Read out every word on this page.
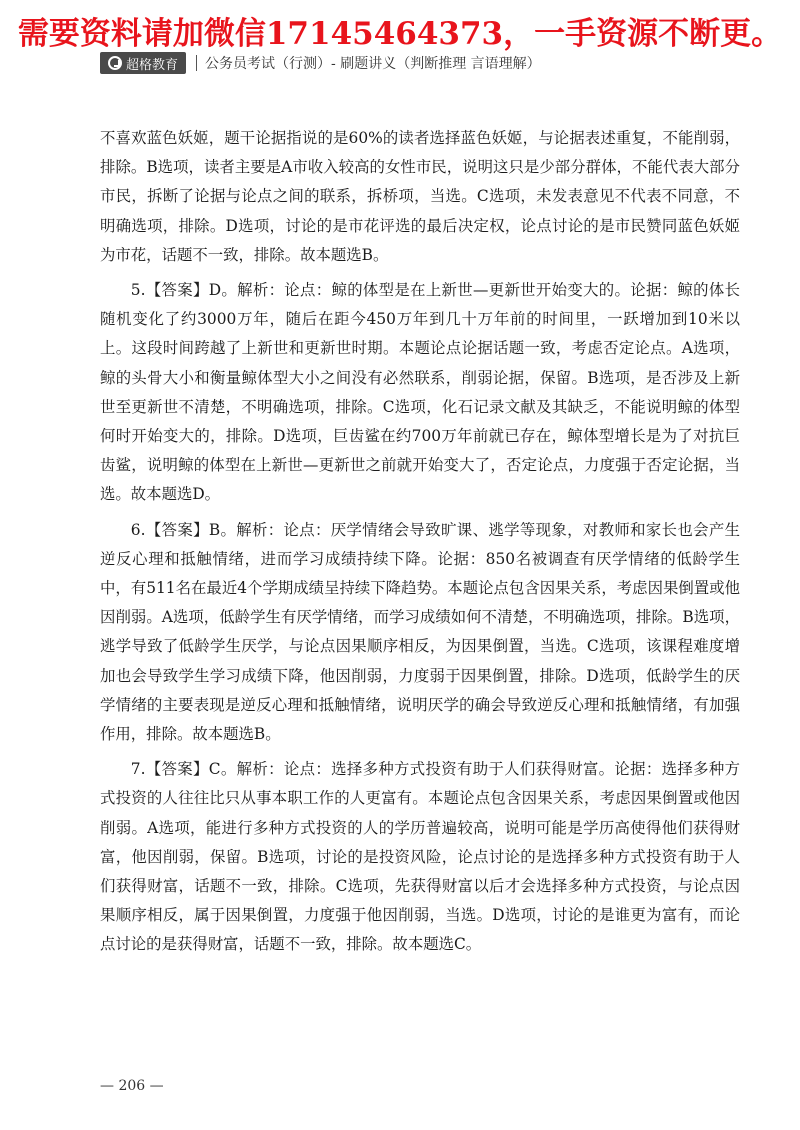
需要资料请加微信17145464373，一手资源不断更。
超格教育 公务员考试（行测）- 刷题讲义（判断推理 言语理解）

不喜欢蓝色妖姬，题干论据指说的是60%的读者选择蓝色妖姬，与论据表述重复，不能削弱，排除。B选项，读者主要是A市收入较高的女性市民，说明这只是少部分群体，不能代表大部分市民，拆断了论据与论点之间的联系，拆桥项，当选。C选项，未发表意见不代表不同意，不明确选项，排除。D选项，讨论的是市花评选的最后决定权，论点讨论的是市民赞同蓝色妖姬为市花，话题不一致，排除。故本题选B。

5.【答案】D。解析：论点：鲸的体型是在上新世—更新世开始变大的。论据：鲸的体长随机变化了约3000万年，随后在距今450万年到几十万年前的时间里，一跃增加到10米以上。这段时间跨越了上新世和更新世时期。本题论点论据话题一致，考虑否定论点。A选项，鲸的头骨大小和衡量鲸体型大小之间没有必然联系，削弱论据，保留。B选项，是否涉及上新世至更新世不清楚，不明确选项，排除。C选项，化石记录文献及其缺乏，不能说明鲸的体型何时开始变大的，排除。D选项，巨齿鲨在约700万年前就已存在，鲸体型增长是为了对抗巨齿鲨，说明鲸的体型在上新世—更新世之前就开始变大了，否定论点，力度强于否定论据，当选。故本题选D。

6.【答案】B。解析：论点：厌学情绪会导致旷课、逃学等现象，对教师和家长也会产生逆反心理和抵触情绪，进而学习成绩持续下降。论据：850名被调查有厌学情绪的低龄学生中，有511名在最近4个学期成绩呈持续下降趋势。本题论点包含因果关系，考虑因果倒置或他因削弱。A选项，低龄学生有厌学情绪，而学习成绩如何不清楚，不明确选项，排除。B选项，逃学导致了低龄学生厌学，与论点因果顺序相反，为因果倒置，当选。C选项，该课程难度增加也会导致学生学习成绩下降，他因削弱，力度弱于因果倒置，排除。D选项，低龄学生的厌学情绪的主要表现是逆反心理和抵触情绪，说明厌学的确会导致逆反心理和抵触情绪，有加强作用，排除。故本题选B。

7.【答案】C。解析：论点：选择多种方式投资有助于人们获得财富。论据：选择多种方式投资的人往往比只从事本职工作的人更富有。本题论点包含因果关系，考虑因果倒置或他因削弱。A选项，能进行多种方式投资的人的学历普遍较高，说明可能是学历高使得他们获得财富，他因削弱，保留。B选项，讨论的是投资风险，论点讨论的是选择多种方式投资有助于人们获得财富，话题不一致，排除。C选项，先获得财富以后才会选择多种方式投资，与论点因果顺序相反，属于因果倒置，力度强于他因削弱，当选。D选项，讨论的是谁更为富有，而论点讨论的是获得财富，话题不一致，排除。故本题选C。

— 206 —
